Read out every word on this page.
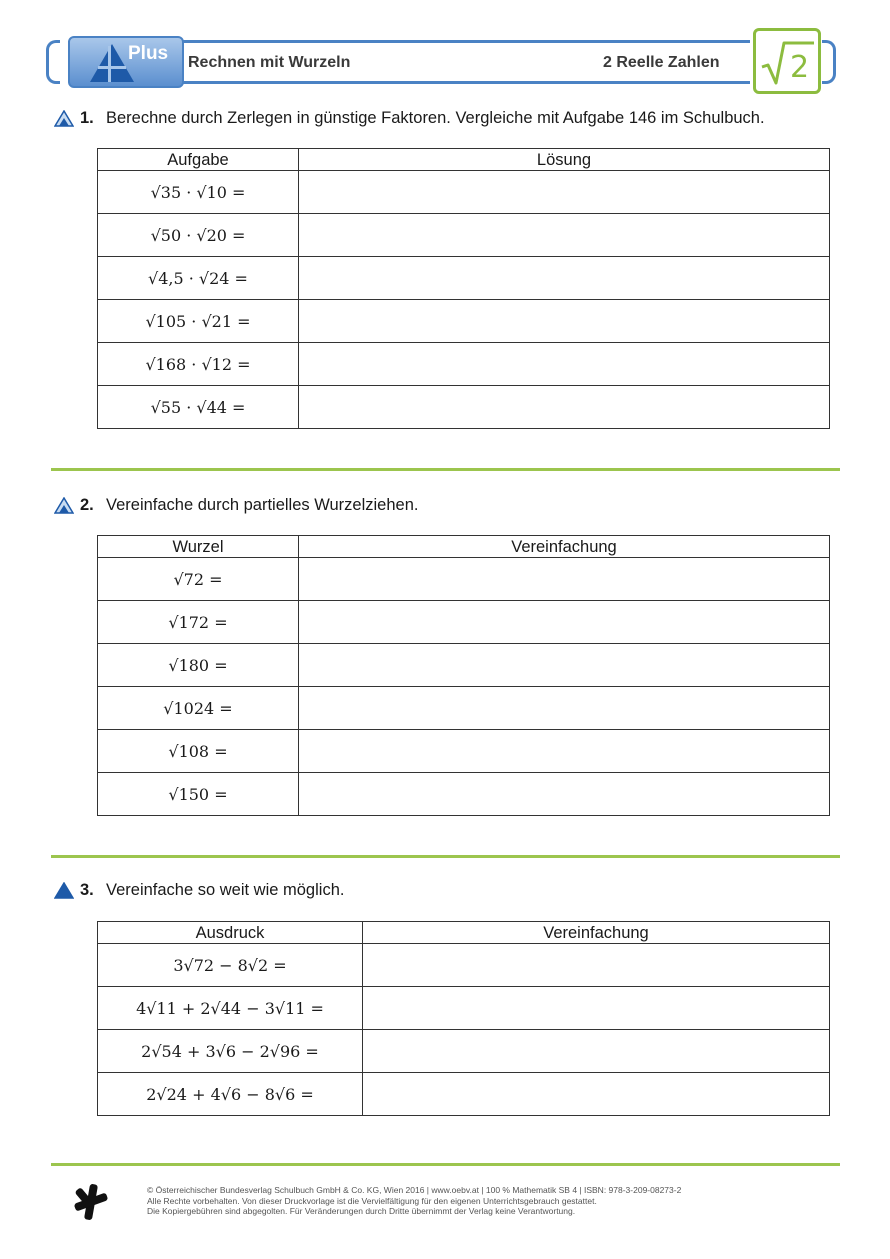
Plus Rechnen mit Wurzeln	2 Reelle Zahlen 2
1. Berechne durch Zerlegen in günstige Faktoren. Vergleiche mit Aufgabe 146 im Schulbuch.
Aufgabe	Lösung
√35 · √10 =	
√50 · √20 =	
√4,5 · √24 =	
√105 · √21 =	
√168 · √12 =	
√55 · √44 =	
2. Vereinfache durch partielles Wurzelziehen.
Wurzel	Vereinfachung
√72 =	
√172 =	
√180 =	
√1024 =	
√108 =	
√150 =	
3. Vereinfache so weit wie möglich.
Ausdruck	Vereinfachung
3√72 − 8√2 =	
4√11 + 2√44 − 3√11 =	
2√54 + 3√6 − 2√96 =	
2√24 + 4√6 − 8√6 =	
© Österreichischer Bundesverlag Schulbuch GmbH & Co. KG, Wien 2016 | www.oebv.at | 100 % Mathematik SB 4 | ISBN: 978-3-209-08273-2
Alle Rechte vorbehalten. Von dieser Druckvorlage ist die Vervielfältigung für den eigenen Unterrichtsgebrauch gestattet.
Die Kopiergebühren sind abgegolten. Für Veränderungen durch Dritte übernimmt der Verlag keine Verantwortung.
